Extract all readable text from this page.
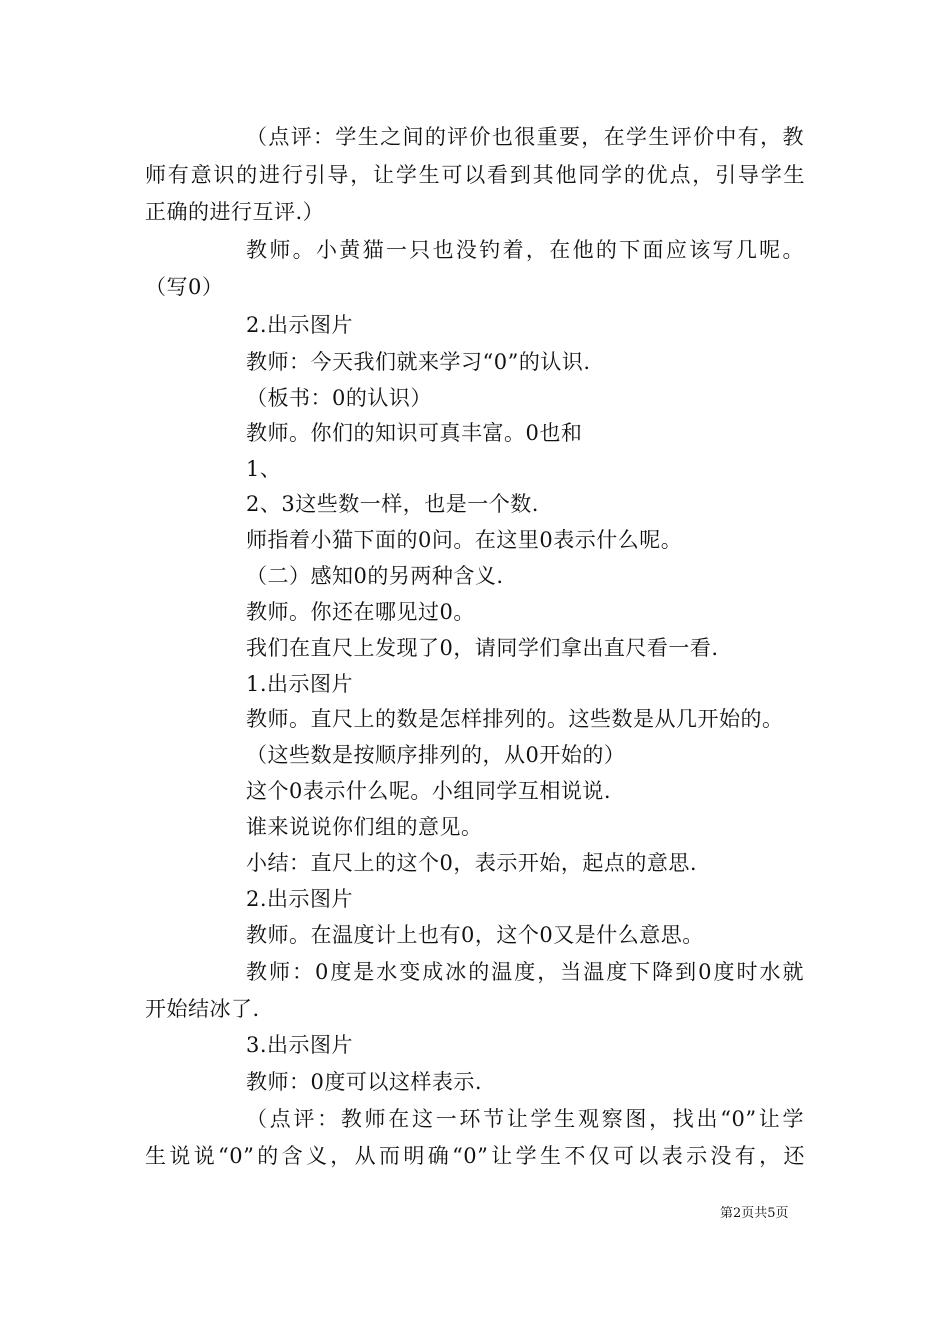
（点评：学生之间的评价也很重要，在学生评价中有，教
师有意识的进行引导，让学生可以看到其他同学的优点，引导学生
正确的进行互评.）
教师。小黄猫一只也没钓着，在他的下面应该写几呢。
（写0）
2.出示图片
教师：今天我们就来学习“0”的认识.
（板书：0的认识）
教师。你们的知识可真丰富。0也和
1、
2、3这些数一样，也是一个数.
师指着小猫下面的0问。在这里0表示什么呢。
（二）感知0的另两种含义.
教师。你还在哪见过0。
我们在直尺上发现了0，请同学们拿出直尺看一看.
1.出示图片
教师。直尺上的数是怎样排列的。这些数是从几开始的。
（这些数是按顺序排列的，从0开始的）
这个0表示什么呢。小组同学互相说说.
谁来说说你们组的意见。
小结：直尺上的这个0，表示开始，起点的意思.
2.出示图片
教师。在温度计上也有0，这个0又是什么意思。
教师：0度是水变成冰的温度，当温度下降到0度时水就
开始结冰了.
3.出示图片
教师：0度可以这样表示.
（点评：教师在这一环节让学生观察图，找出“0”让学
生说说“0”的含义，从而明确“0”让学生不仅可以表示没有，还
第2页共5页
